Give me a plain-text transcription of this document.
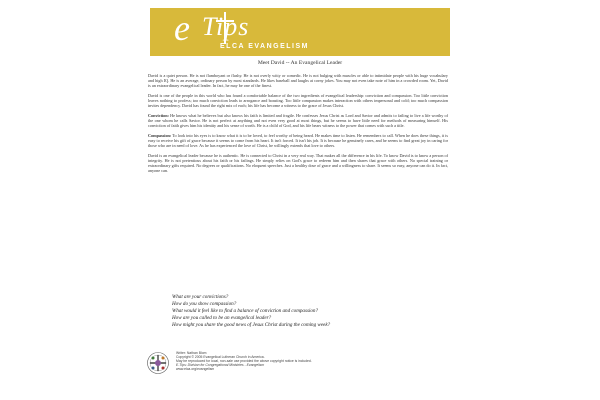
e Tips
ELCA EVANGELISM
Meet David -- An Evangelical Leader

David is a quiet person. He is not flamboyant or flashy. He is not overly witty or comedic. He is not bulging with muscles or able to intimidate people with his huge vocabulary and high IQ. He is an average, ordinary person by most standards. He likes baseball and laughs at corny jokes. You may not even take note of him in a crowded room. Yet, David is an extraordinary evangelical leader. In fact, he may be one of the finest.

David is one of the people in this world who has found a comfortable balance of the two ingredients of evangelical leadership: conviction and compassion. Too little conviction leaves nothing to profess; too much conviction leads to arrogance and boasting. Too little compassion makes interaction with others impersonal and cold; too much compassion invites dependency. David has found the right mix of each; his life has become a witness to the grace of Jesus Christ.

Conviction: He knows what he believes but also knows his faith is limited and fragile. He confesses Jesus Christ as Lord and Savior and admits to failing to live a life worthy of the one whom he calls Savior. He is not perfect at anything and not even very good at most things, but he seems to have little need for methods of measuring himself. His conviction of faith gives him his identity and his sense of worth. He is a child of God, and his life bears witness to the power that comes with such a title.

Compassion: To look into his eyes is to know what it is to be loved, to feel worthy of being heard. He makes time to listen. He remembers to call. When he does these things, it is easy to receive his gift of grace because it seems to come from his heart. It isn't forced. It isn't his job. It is because he genuinely cares, and he seems to find great joy in caring for those who are in need of love. As he has experienced the love of Christ, he willingly extends that love to others.

David is an evangelical leader because he is authentic. He is connected to Christ in a very real way. That makes all the difference in his life. To know David is to know a person of integrity. He is not pretentious about his faith or his failings. He simply relies on God's grace to redeem him and then shares that grace with others. No special training or extraordinary gifts required. No degrees or qualifications. No eloquent speeches. Just a healthy dose of grace and a willingness to share. It seems so easy, anyone can do it. In fact, anyone can.

What are your convictions?
How do you show compassion?
What would it feel like to find a balance of conviction and compassion?
How are you called to be an evangelical leader?
How might you share the good news of Jesus Christ during the coming week?
Writer: Nathan Blom
Copyright © 2005 Evangelical Lutheran Church in America.
May be reproduced for local, non-sale use provided the above copyright notice is included.
E-Tips: Division for Congregational Ministries - Evangelism
www.elca.org/evangelism
